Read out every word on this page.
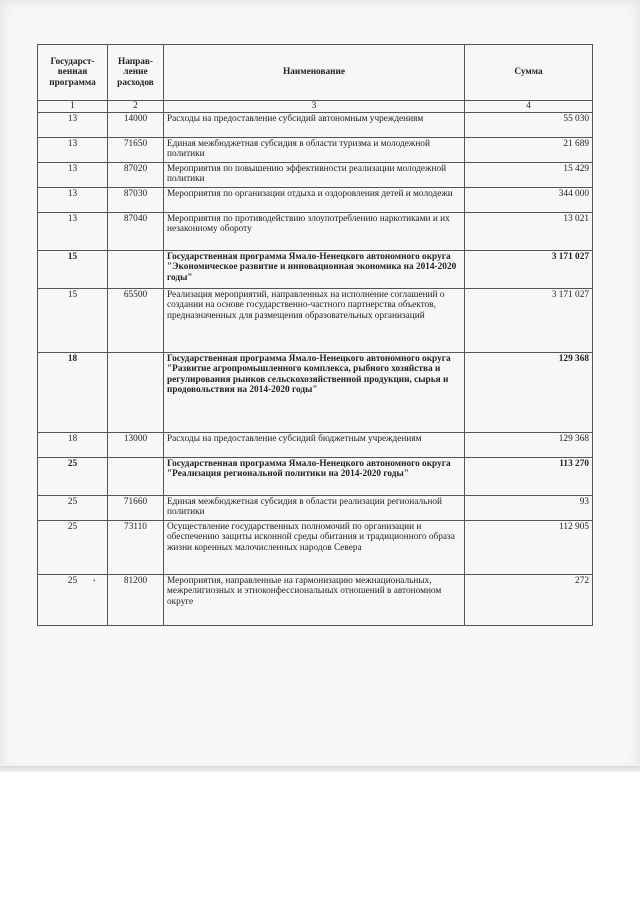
Государст-венная программа	Направ-ление расходов	Наименование	Сумма
1	2	3	4
13	14000	Расходы на предоставление субсидий автономным учреждениям	55 030
13	71650	Единая межбюджетная субсидия в области туризма и молодежной политики	21 689
13	87020	Мероприятия по повышению эффективности реализации молодежной политики	15 429
13	87030	Мероприятия по организации отдыха и оздоровления детей и молодежи	344 000
13	87040	Мероприятия по противодействию злоупотреблению наркотиками и их незаконному обороту	13 021
15		Государственная программа Ямало-Ненецкого автономного округа "Экономическое развитие и инновационная экономика на 2014-2020 годы"	3 171 027
15	65500	Реализация мероприятий, направленных на исполнение соглашений о создании на основе государственно-частного партнерства объектов, предназначенных для размещения образовательных организаций	3 171 027
18		Государственная программа Ямало-Ненецкого автономного округа "Развитие агропромышленного комплекса, рыбного хозяйства и регулирования рынков сельскохозяйственной продукции, сырья и продовольствия на 2014-2020 годы"	129 368
18	13000	Расходы на предоставление субсидий бюджетным учреждениям	129 368
25		Государственная программа Ямало-Ненецкого автономного округа "Реализация региональной политики на 2014-2020 годы"	113 270
25	71660	Единая межбюджетная субсидия в области реализации региональной политики	93
25	73110	Осуществление государственных полномочий по организации и обеспечению защиты исконной среды обитания и традиционного образа жизни коренных малочисленных народов Севера	112 905
25	81200	Мероприятия, направленные на гармонизацию межнациональных, межрелигиозных и этноконфессиональных отношений в автономном округе	272
•
